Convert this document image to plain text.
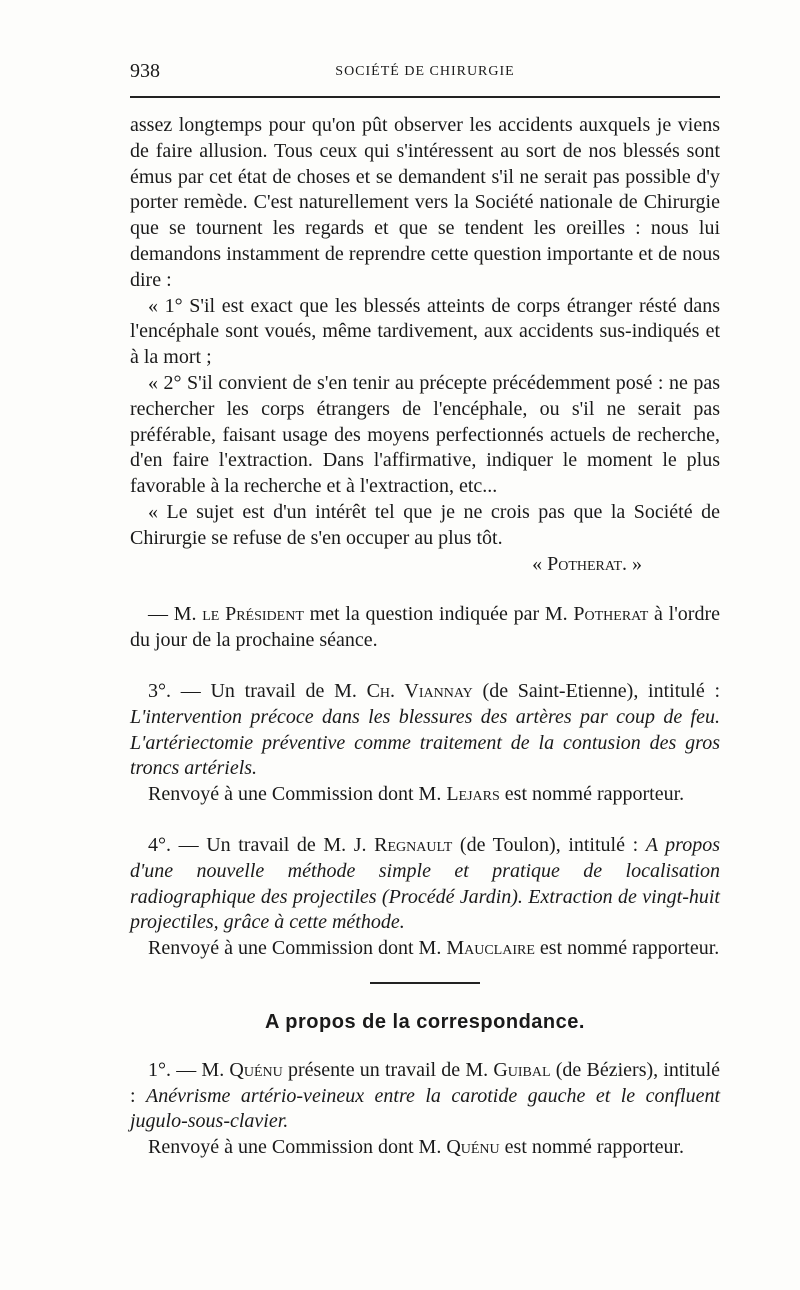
938	SOCIÉTÉ DE CHIRURGIE

assez longtemps pour qu'on pût observer les accidents auxquels je viens de faire allusion. Tous ceux qui s'intéressent au sort de nos blessés sont émus par cet état de choses et se demandent s'il ne serait pas possible d'y porter remède. C'est naturellement vers la Société nationale de Chirurgie que se tournent les regards et que se tendent les oreilles : nous lui demandons instamment de reprendre cette question importante et de nous dire :

« 1° S'il est exact que les blessés atteints de corps étranger résté dans l'encéphale sont voués, même tardivement, aux accidents sus-indiqués et à la mort ;

« 2° S'il convient de s'en tenir au précepte précédemment posé : ne pas rechercher les corps étrangers de l'encéphale, ou s'il ne serait pas préférable, faisant usage des moyens perfectionnés actuels de recherche, d'en faire l'extraction. Dans l'affirmative, indiquer le moment le plus favorable à la recherche et à l'extraction, etc...

« Le sujet est d'un intérêt tel que je ne crois pas que la Société de Chirurgie se refuse de s'en occuper au plus tôt.

« Potherat. »

— M. le Président met la question indiquée par M. Potherat à l'ordre du jour de la prochaine séance.

3°. — Un travail de M. Ch. Viannay (de Saint-Etienne), intitulé : L'intervention précoce dans les blessures des artères par coup de feu. L'artériectomie préventive comme traitement de la contusion des gros troncs artériels.

Renvoyé à une Commission dont M. Lejars est nommé rapporteur.

4°. — Un travail de M. J. Regnault (de Toulon), intitulé : A propos d'une nouvelle méthode simple et pratique de localisation radiographique des projectiles (Procédé Jardin). Extraction de vingt-huit projectiles, grâce à cette méthode.

Renvoyé à une Commission dont M. Mauclaire est nommé rapporteur.

A propos de la correspondance.

1°. — M. Quénu présente un travail de M. Guibal (de Béziers), intitulé : Anévrisme artério-veineux entre la carotide gauche et le confluent jugulo-sous-clavier.

Renvoyé à une Commission dont M. Quénu est nommé rapporteur.
